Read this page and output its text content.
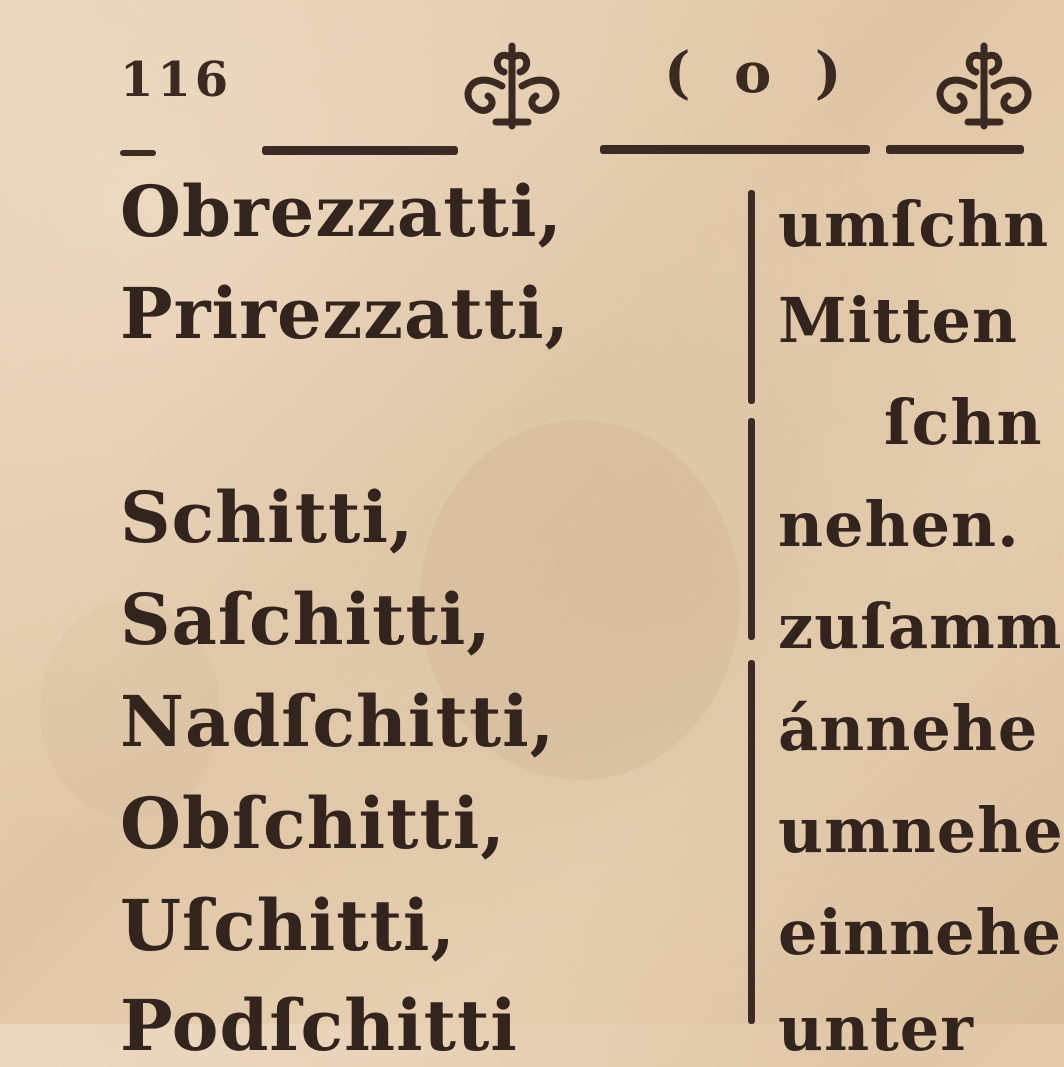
116	( o )
Obrezzatti,
Prirezzatti,
Schitti,
Saſchitti,
Nadſchitti,
Obſchitti,
Uſchitti,
Podſchitti
umſchn
Mitten
ſchn
nehen.
zuſamm
ánnehe
umnehe
einnehe
unter
